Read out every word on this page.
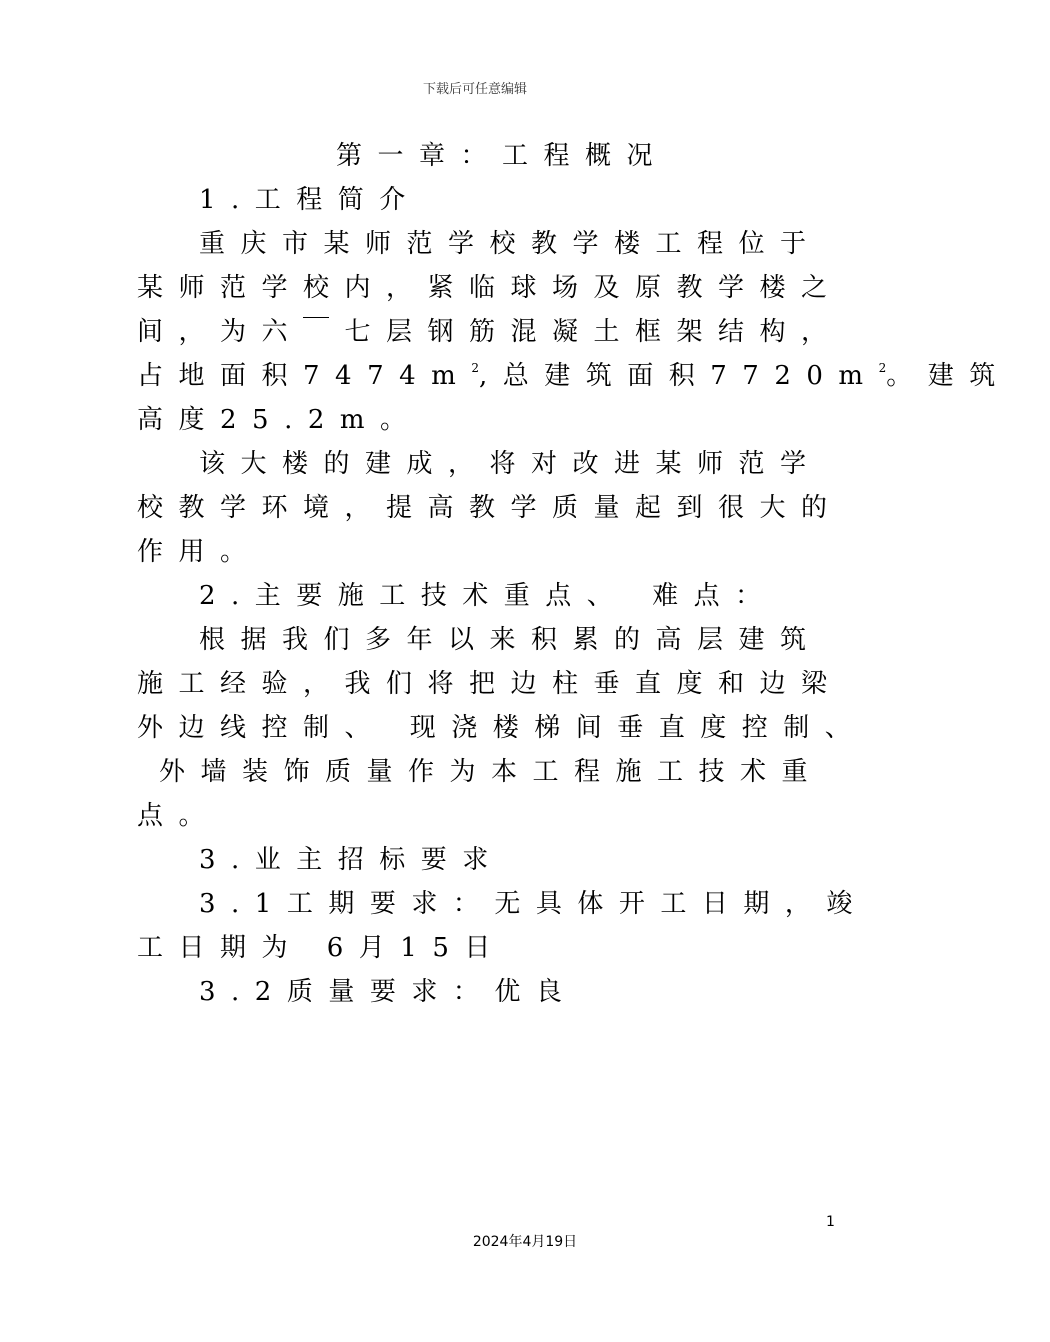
下载后可任意编辑

第一章：工程概况

1.工程简介

重庆市某师范学校教学楼工程位于

某师范学校内，紧临球场及原教学楼之

间，为六￣七层钢筋混凝土框架结构，

占地面积$7474m^2$,总建筑面积$7720m^2$。建筑

高度25.2m。

该大楼的建成，将对改进某师范学

校教学环境，提高教学质量起到很大的

作用。

2.主要施工技术重点、 难点：

根据我们多年以来积累的高层建筑

施工经验，我们将把边柱垂直度和边梁

外边线控制、 现浇楼梯间垂直度控制、

外墙装饰质量作为本工程施工技术重

点。

3.业主招标要求

3.1工期要求：无具体开工日期，竣

工日期为 6月15日

3.2质量要求：优良

1
2024年4月19日
